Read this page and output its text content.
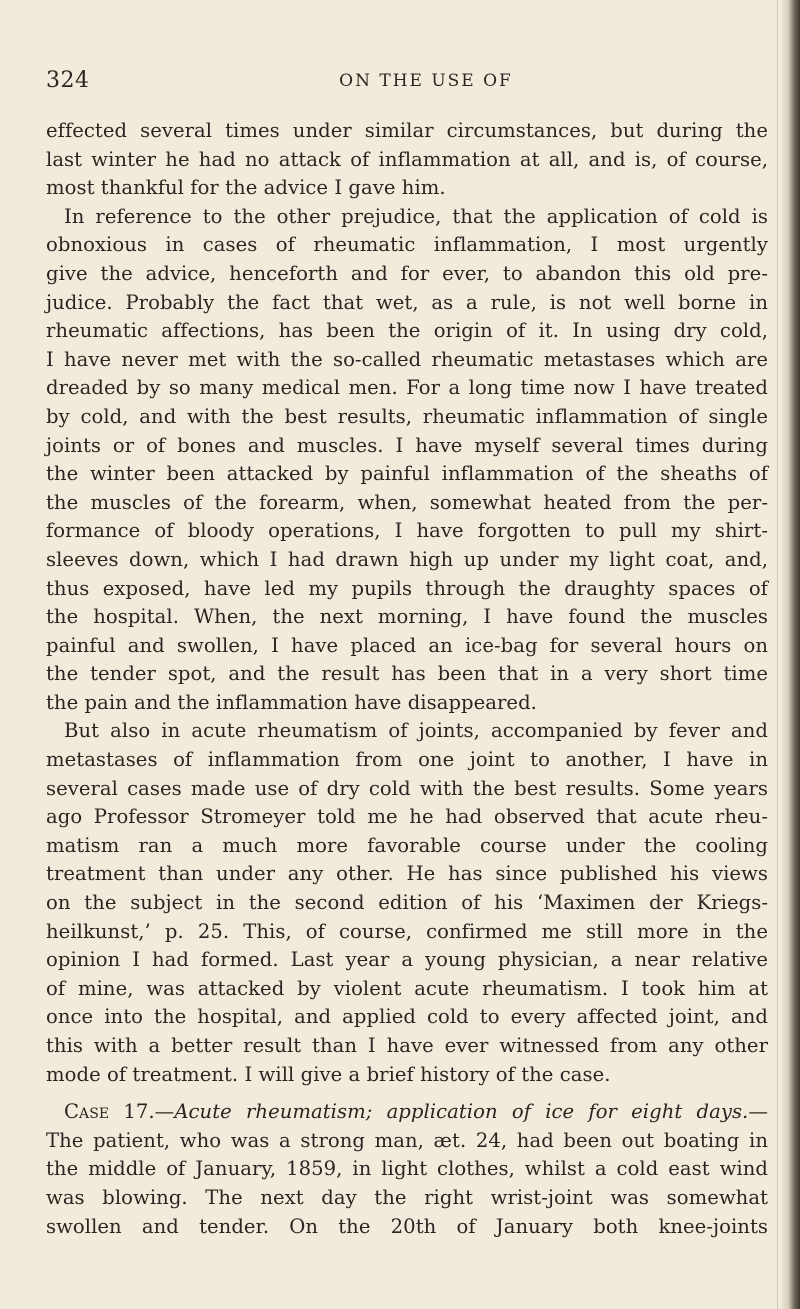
324	ON THE USE OF
effected several times under similar circumstances, but during the
last winter he had no attack of inflammation at all, and is, of course,
most thankful for the advice I gave him.
In reference to the other prejudice, that the application of cold is
obnoxious in cases of rheumatic inflammation, I most urgently
give the advice, henceforth and for ever, to abandon this old pre-
judice. Probably the fact that wet, as a rule, is not well borne in
rheumatic affections, has been the origin of it. In using dry cold,
I have never met with the so-called rheumatic metastases which are
dreaded by so many medical men. For a long time now I have treated
by cold, and with the best results, rheumatic inflammation of single
joints or of bones and muscles. I have myself several times during
the winter been attacked by painful inflammation of the sheaths of
the muscles of the forearm, when, somewhat heated from the per-
formance of bloody operations, I have forgotten to pull my shirt-
sleeves down, which I had drawn high up under my light coat, and,
thus exposed, have led my pupils through the draughty spaces of
the hospital. When, the next morning, I have found the muscles
painful and swollen, I have placed an ice-bag for several hours on
the tender spot, and the result has been that in a very short time
the pain and the inflammation have disappeared.
But also in acute rheumatism of joints, accompanied by fever and
metastases of inflammation from one joint to another, I have in
several cases made use of dry cold with the best results. Some years
ago Professor Stromeyer told me he had observed that acute rheu-
matism ran a much more favorable course under the cooling
treatment than under any other. He has since published his views
on the subject in the second edition of his ‘Maximen der Kriegs-
heilkunst,’ p. 25. This, of course, confirmed me still more in the
opinion I had formed. Last year a young physician, a near relative
of mine, was attacked by violent acute rheumatism. I took him at
once into the hospital, and applied cold to every affected joint, and
this with a better result than I have ever witnessed from any other
mode of treatment. I will give a brief history of the case.
Case 17.—Acute rheumatism; application of ice for eight days.—
The patient, who was a strong man, æt. 24, had been out boating in
the middle of January, 1859, in light clothes, whilst a cold east wind
was blowing. The next day the right wrist-joint was somewhat
swollen and tender. On the 20th of January both knee-joints
